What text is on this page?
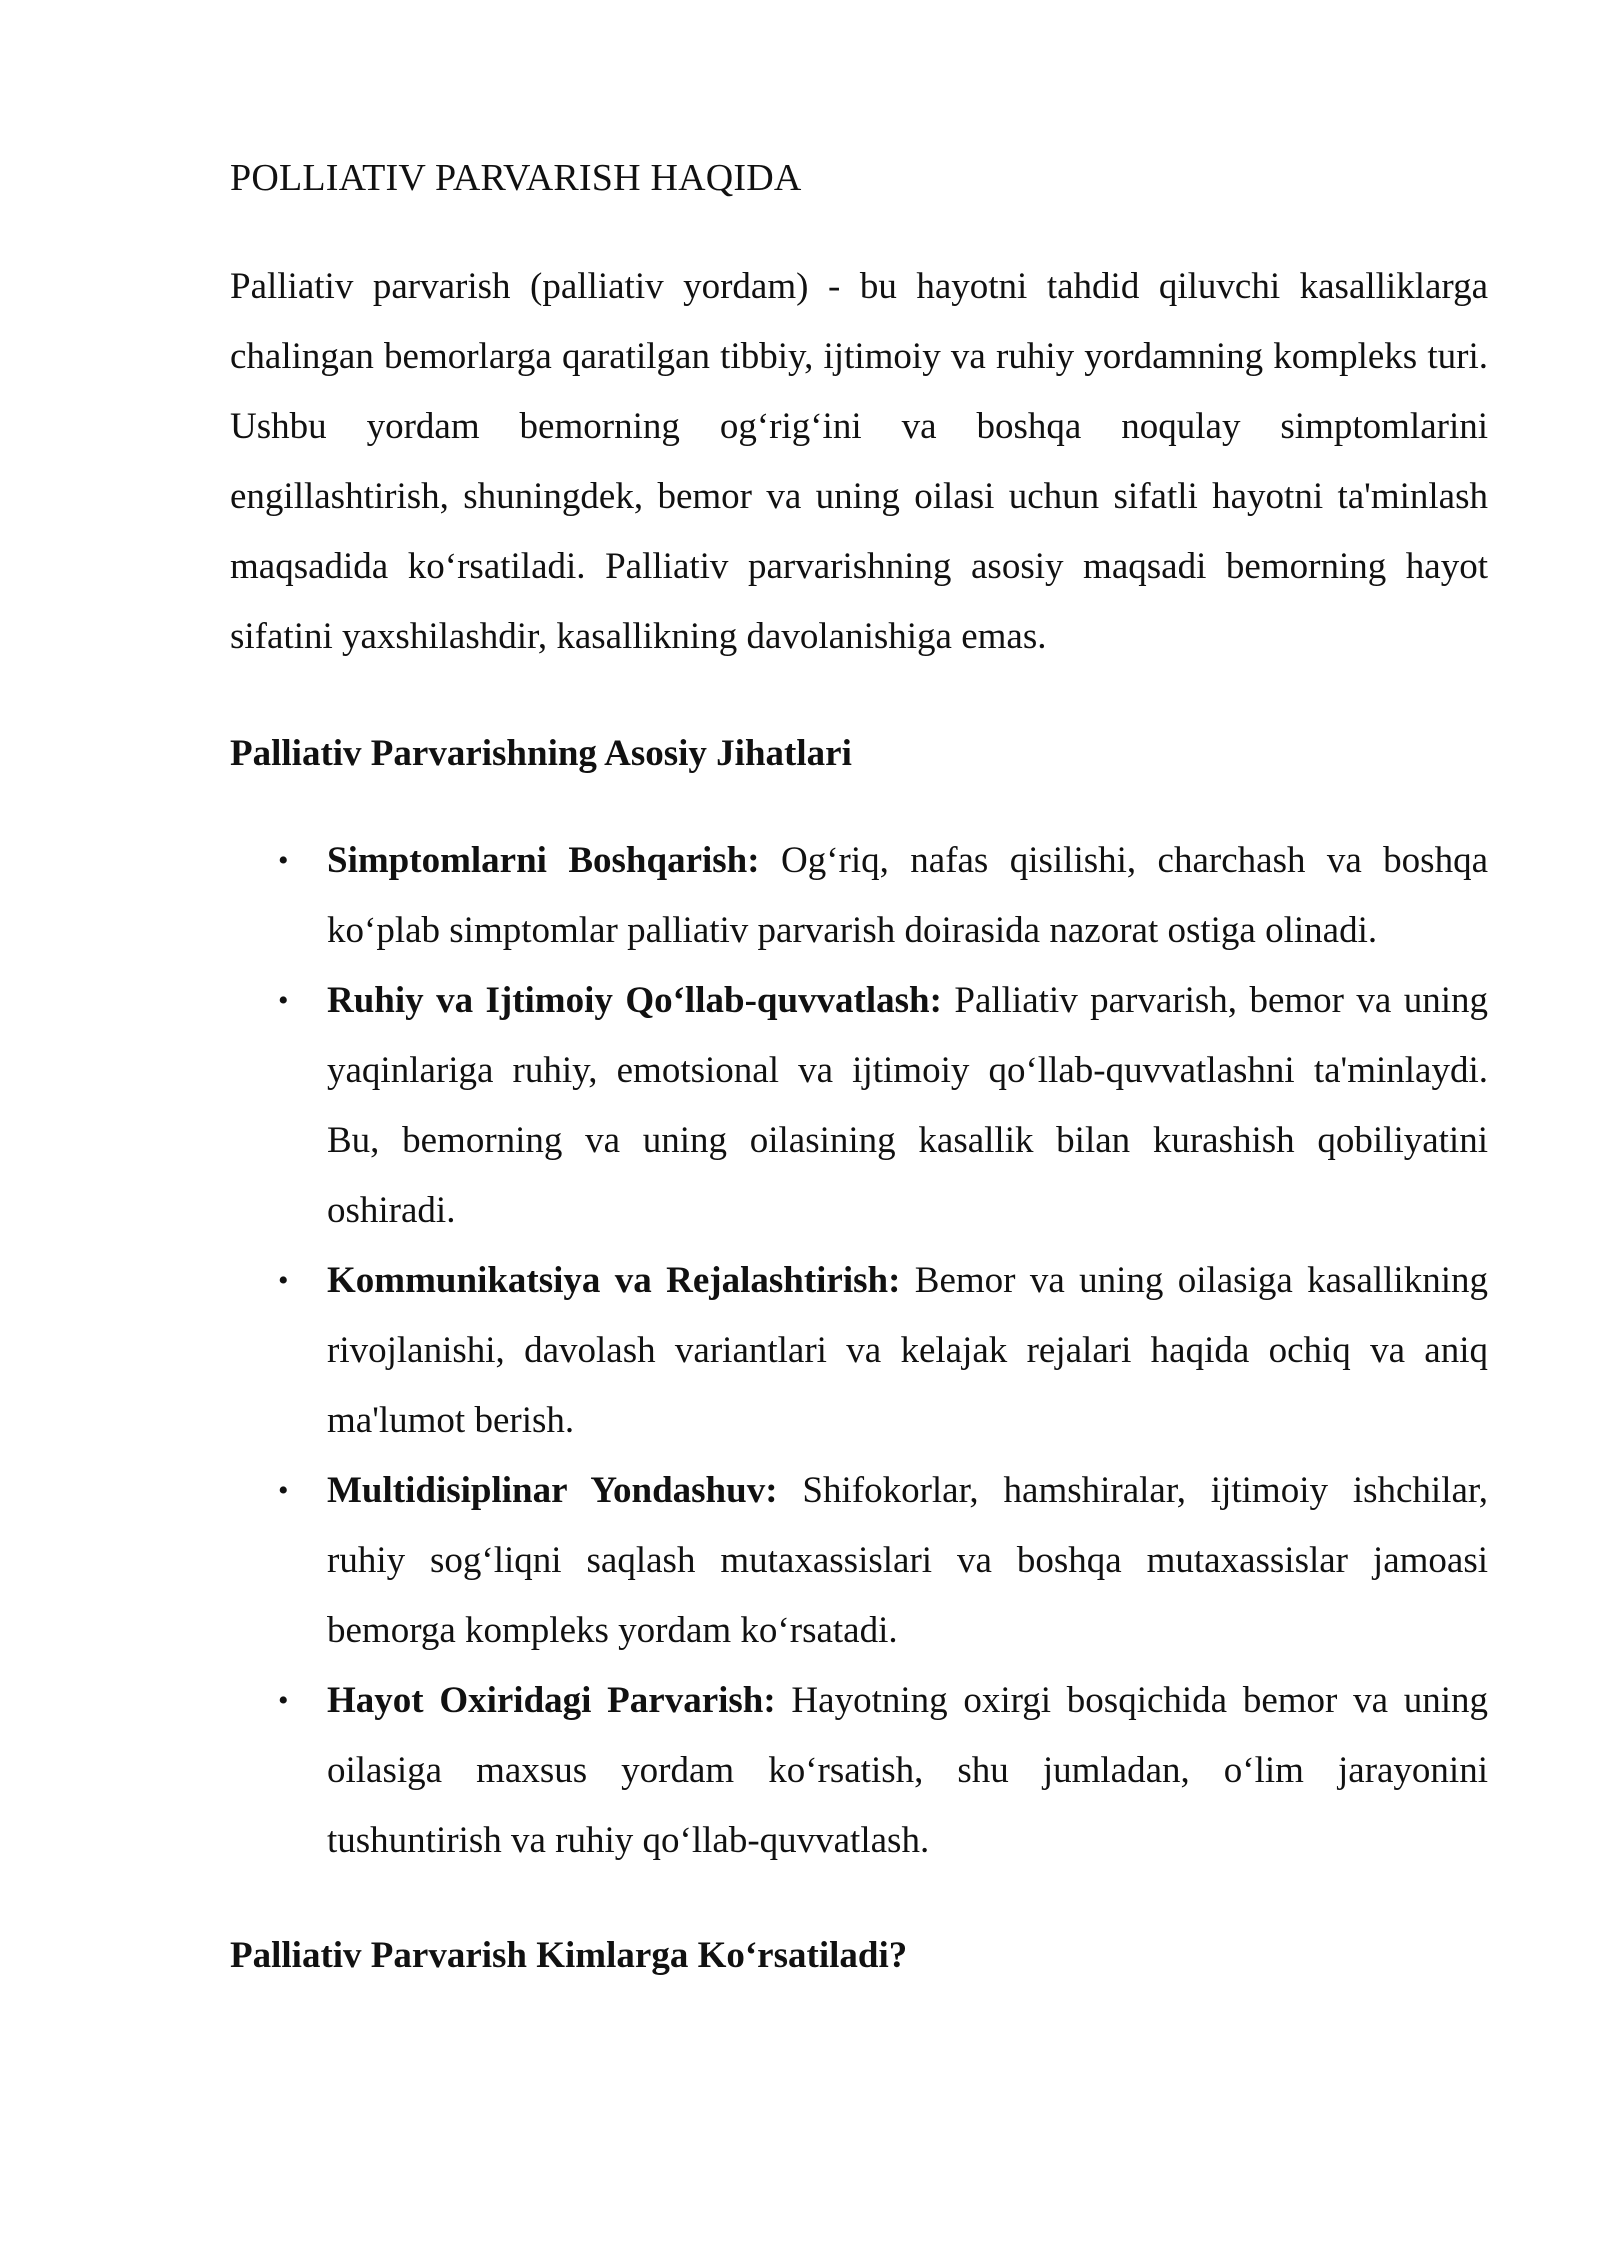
POLLIATIV PARVARISH HAQIDA

Palliativ parvarish (palliativ yordam) - bu hayotni tahdid qiluvchi kasalliklarga chalingan bemorlarga qaratilgan tibbiy, ijtimoiy va ruhiy yordamning kompleks turi. Ushbu yordam bemorning og‘rig‘ini va boshqa noqulay simptomlarini engillashtirish, shuningdek, bemor va uning oilasi uchun sifatli hayotni ta'minlash maqsadida ko‘rsatiladi. Palliativ parvarishning asosiy maqsadi bemorning hayot sifatini yaxshilashdir, kasallikning davolanishiga emas.

Palliativ Parvarishning Asosiy Jihatlari
• Simptomlarni Boshqarish: Og‘riq, nafas qisilishi, charchash va boshqa ko‘plab simptomlar palliativ parvarish doirasida nazorat ostiga olinadi.
• Ruhiy va Ijtimoiy Qo‘llab-quvvatlash: Palliativ parvarish, bemor va uning yaqinlariga ruhiy, emotsional va ijtimoiy qo‘llab-quvvatlashni ta'minlaydi. Bu, bemorning va uning oilasining kasallik bilan kurashish qobiliyatini oshiradi.
• Kommunikatsiya va Rejalashtirish: Bemor va uning oilasiga kasallikning rivojlanishi, davolash variantlari va kelajak rejalari haqida ochiq va aniq ma'lumot berish.
• Multidisiplinar Yondashuv: Shifokorlar, hamshiralar, ijtimoiy ishchilar, ruhiy sog‘liqni saqlash mutaxassislari va boshqa mutaxassislar jamoasi bemorga kompleks yordam ko‘rsatadi.
• Hayot Oxiridagi Parvarish: Hayotning oxirgi bosqichida bemor va uning oilasiga maxsus yordam ko‘rsatish, shu jumladan, o‘lim jarayonini tushuntirish va ruhiy qo‘llab-quvvatlash.
Palliativ Parvarish Kimlarga Ko‘rsatiladi?
